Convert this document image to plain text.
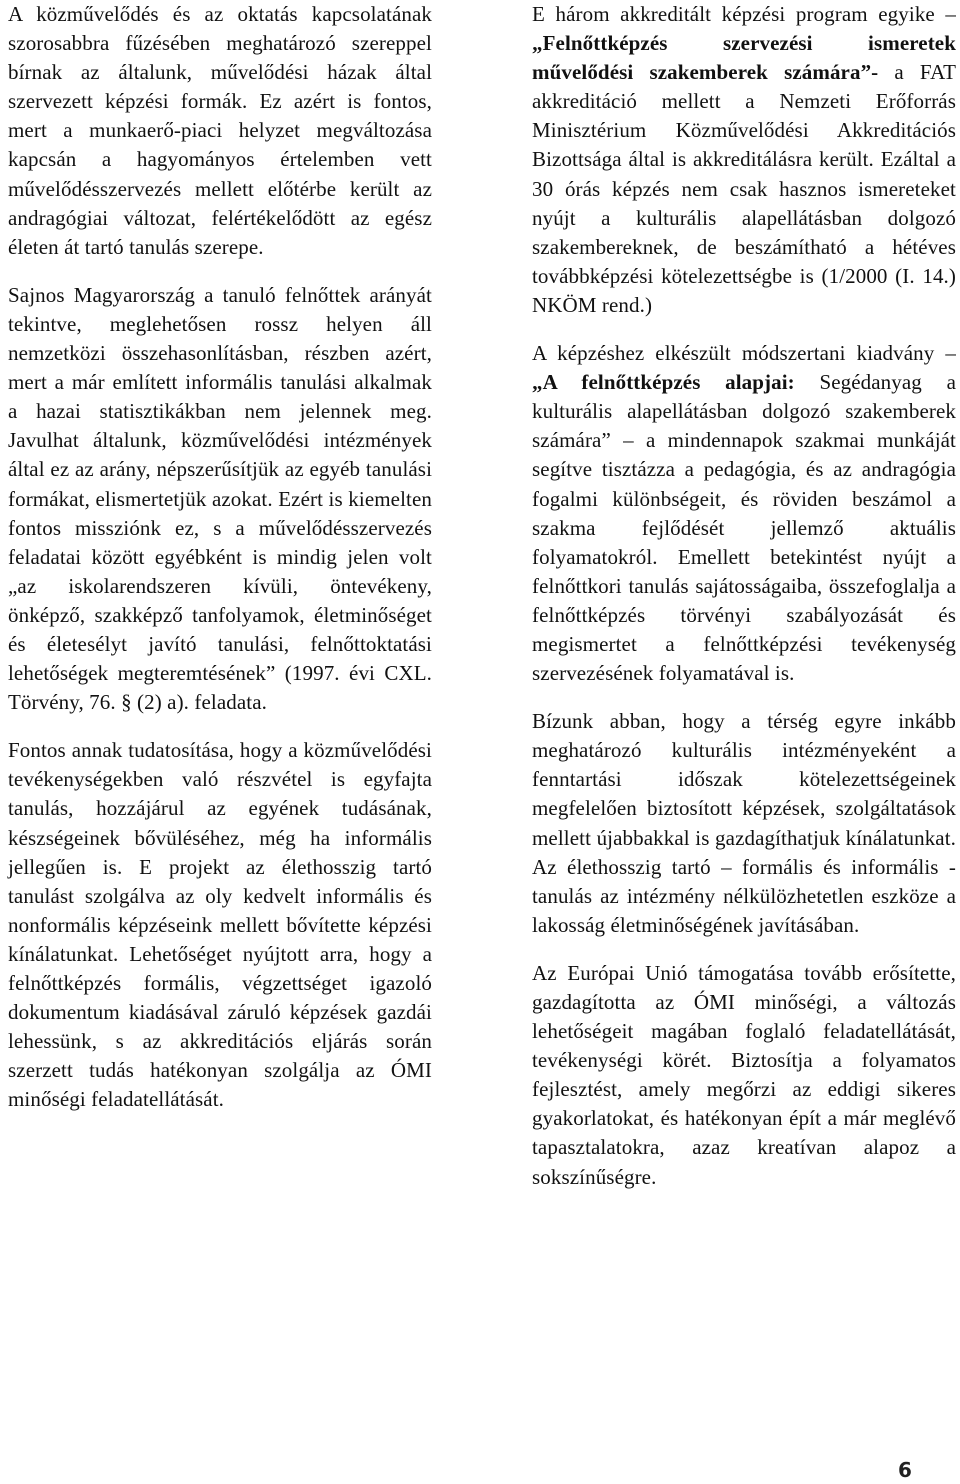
A közművelődés és az oktatás kapcsolatának szorosabbra fűzésében meghatározó szereppel bírnak az általunk, művelődési házak által szervezett képzési formák. Ez azért is fontos, mert a munkaerő-piaci helyzet megváltozása kapcsán a hagyományos értelemben vett művelődésszervezés mellett előtérbe került az andragógiai változat, felértékelődött az egész életen át tartó tanulás szerepe.

Sajnos Magyarország a tanuló felnőttek arányát tekintve, meglehetősen rossz helyen áll nemzetközi összehasonlításban, részben azért, mert a már említett informális tanulási alkalmak a hazai statisztikákban nem jelennek meg. Javulhat általunk, közművelődési intézmények által ez az arány, népszerűsítjük az egyéb tanulási formákat, elismertetjük azokat. Ezért is kiemelten fontos missziónk ez, s a művelődésszervezés feladatai között egyébként is mindig jelen volt „az iskolarendszeren kívüli, öntevékeny, önképző, szakképző tanfolyamok, életminőséget és életesélyt javító tanulási, felnőttoktatási lehetőségek megteremtésének” (1997. évi CXL. Törvény, 76. § (2) a). feladata.

Fontos annak tudatosítása, hogy a közművelődési tevékenységekben való részvétel is egyfajta tanulás, hozzájárul az egyének tudásának, készségeinek bővüléséhez, még ha informális jellegűen is. E projekt az élethosszig tartó tanulást szolgálva az oly kedvelt informális és nonformális képzéseink mellett bővítette képzési kínálatunkat. Lehetőséget nyújtott arra, hogy a felnőttképzés formális, végzettséget igazoló dokumentum kiadásával záruló képzések gazdái lehessünk, s az akkreditációs eljárás során szerzett tudás hatékonyan szolgálja az ÓMI minőségi feladatellátását.

E három akkreditált képzési program egyike – „Felnőttképzés szervezési ismeretek művelődési szakemberek számára”- a FAT akkreditáció mellett a Nemzeti Erőforrás Minisztérium Közművelődési Akkreditációs Bizottsága által is akkreditálásra került. Ezáltal a 30 órás képzés nem csak hasznos ismereteket nyújt a kulturális alapellátásban dolgozó szakembereknek, de beszámítható a hétéves továbbképzési kötelezettségbe is (1/2000 (I. 14.) NKÖM rend.)

A képzéshez elkészült módszertani kiadvány – „A felnőttképzés alapjai: Segédanyag a kulturális alapellátásban dolgozó szakemberek számára” – a mindennapok szakmai munkáját segítve tisztázza a pedagógia, és az andragógia fogalmi különbségeit, és röviden beszámol a szakma fejlődését jellemző aktuális folyamatokról. Emellett betekintést nyújt a felnőttkori tanulás sajátosságaiba, összefoglalja a felnőttképzés törvényi szabályozását és megismertet a felnőttképzési tevékenység szervezésének folyamatával is.

Bízunk abban, hogy a térség egyre inkább meghatározó kulturális intézményeként a fenntartási időszak kötelezettségeinek megfelelően biztosított képzések, szolgáltatások mellett újabbakkal is gazdagíthatjuk kínálatunkat. Az élethosszig tartó – formális és informális - tanulás az intézmény nélkülözhetetlen eszköze a lakosság életminőségének javításában.

Az Európai Unió támogatása tovább erősítette, gazdagította az ÓMI minőségi, a változás lehetőségeit magában foglaló feladatellátását, tevékenységi körét. Biztosítja a folyamatos fejlesztést, amely megőrzi az eddigi sikeres gyakorlatokat, és hatékonyan épít a már meglévő tapasztalatokra, azaz kreatívan alapoz a sokszínűségre.

6
